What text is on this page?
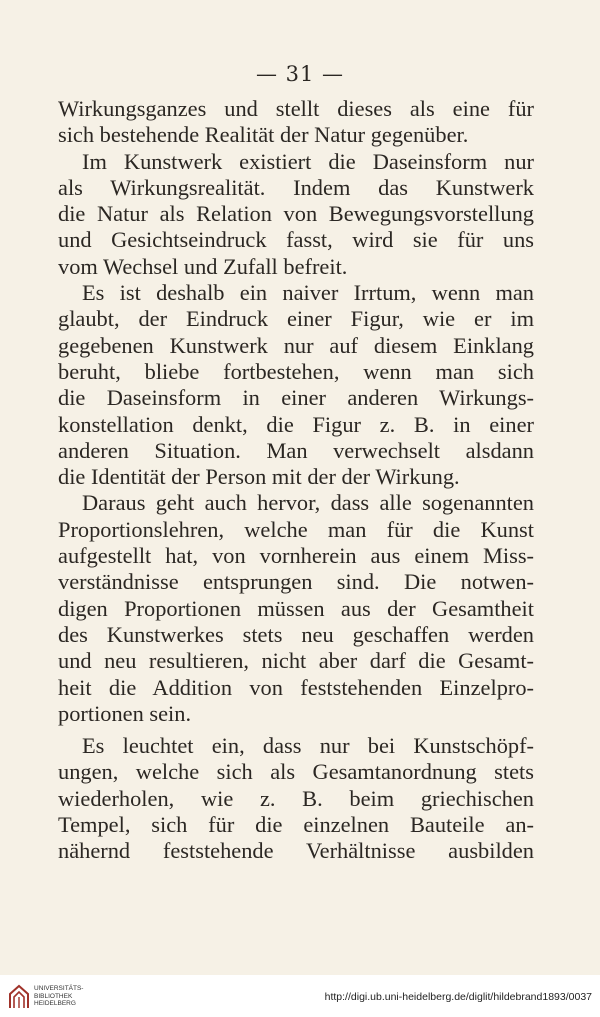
— 31 —
Wirkungsganzes und stellt dieses als eine für
sich bestehende Realität der Natur gegenüber.
Im Kunstwerk existiert die Daseinsform nur
als Wirkungsrealität. Indem das Kunstwerk
die Natur als Relation von Bewegungsvorstellung
und Gesichtseindruck fasst, wird sie für uns
vom Wechsel und Zufall befreit.
Es ist deshalb ein naiver Irrtum, wenn man
glaubt, der Eindruck einer Figur, wie er im
gegebenen Kunstwerk nur auf diesem Einklang
beruht, bliebe fortbestehen, wenn man sich
die Daseinsform in einer anderen Wirkungs-
konstellation denkt, die Figur z. B. in einer
anderen Situation. Man verwechselt alsdann
die Identität der Person mit der der Wirkung.
Daraus geht auch hervor, dass alle sogenannten
Proportionslehren, welche man für die Kunst
aufgestellt hat, von vornherein aus einem Miss-
verständnisse entsprungen sind. Die notwen-
digen Proportionen müssen aus der Gesamtheit
des Kunstwerkes stets neu geschaffen werden
und neu resultieren, nicht aber darf die Gesamt-
heit die Addition von feststehenden Einzelpro-
portionen sein.
Es leuchtet ein, dass nur bei Kunstschöpf-
ungen, welche sich als Gesamtanordnung stets
wiederholen, wie z. B. beim griechischen
Tempel, sich für die einzelnen Bauteile an-
nähernd feststehende Verhältnisse ausbilden
UNIVERSITÄTS-
BIBLIOTHEK
HEIDELBERG
http://digi.ub.uni-heidelberg.de/diglit/hildebrand1893/0037
